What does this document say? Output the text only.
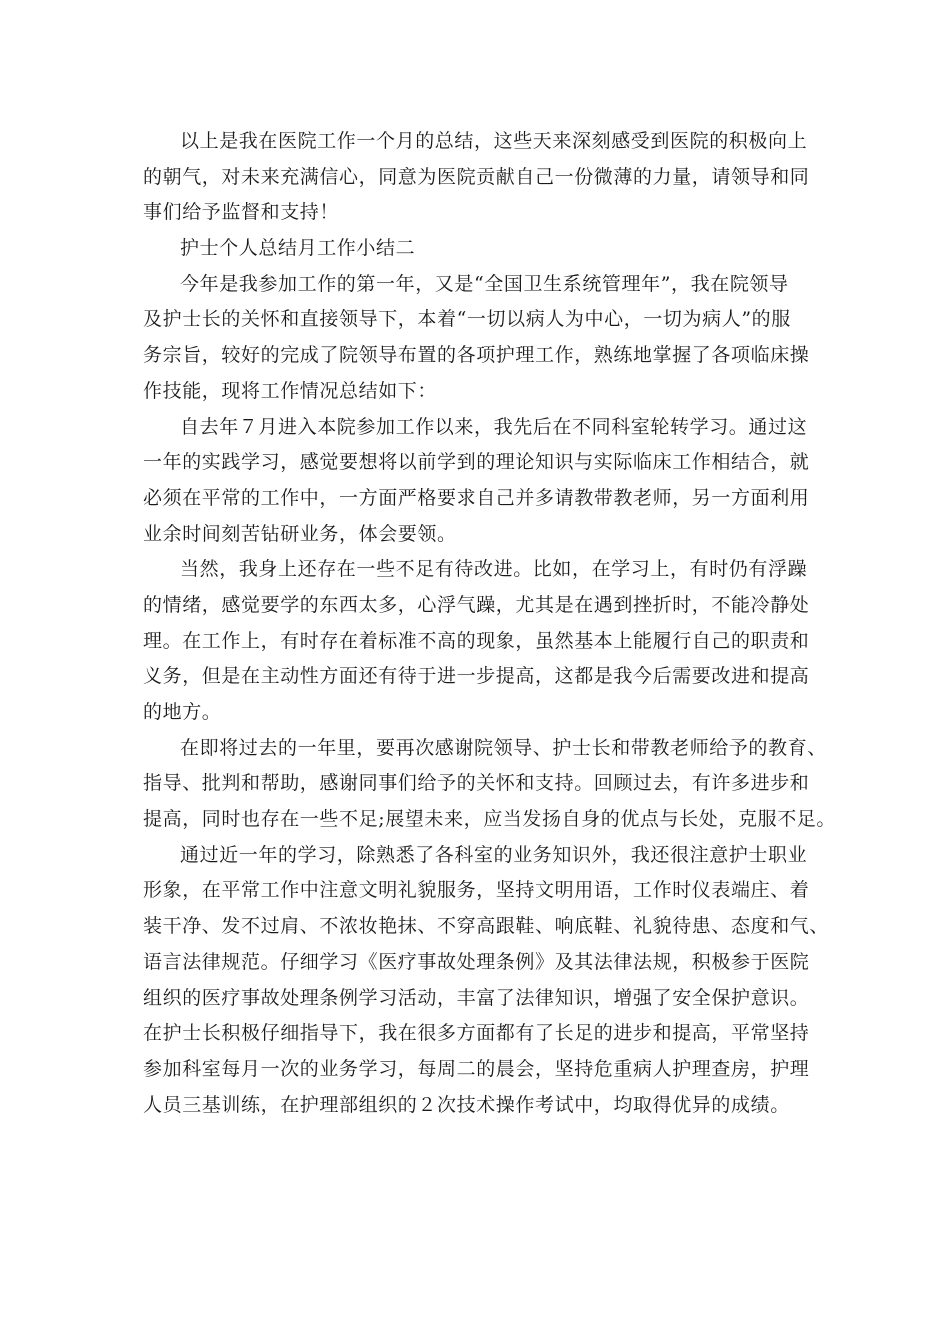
以上是我在医院工作一个月的总结，这些天来深刻感受到医院的积极向上
的朝气，对未来充满信心，同意为医院贡献自己一份微薄的力量，请领导和同
事们给予监督和支持！
护士个人总结月工作小结二
今年是我参加工作的第一年，又是“全国卫生系统管理年”，我在院领导
及护士长的关怀和直接领导下，本着“一切以病人为中心，一切为病人”的服
务宗旨，较好的完成了院领导布置的各项护理工作，熟练地掌握了各项临床操
作技能，现将工作情况总结如下：
自去年７月进入本院参加工作以来，我先后在不同科室轮转学习。通过这
一年的实践学习，感觉要想将以前学到的理论知识与实际临床工作相结合，就
必须在平常的工作中，一方面严格要求自己并多请教带教老师，另一方面利用
业余时间刻苦钻研业务，体会要领。
当然，我身上还存在一些不足有待改进。比如，在学习上，有时仍有浮躁
的情绪，感觉要学的东西太多，心浮气躁，尤其是在遇到挫折时，不能冷静处
理。在工作上，有时存在着标准不高的现象，虽然基本上能履行自己的职责和
义务，但是在主动性方面还有待于进一步提高，这都是我今后需要改进和提高
的地方。
在即将过去的一年里，要再次感谢院领导、护士长和带教老师给予的教育、
指导、批判和帮助，感谢同事们给予的关怀和支持。回顾过去，有许多进步和
提高，同时也存在一些不足;展望未来，应当发扬自身的优点与长处，克服不足。
通过近一年的学习，除熟悉了各科室的业务知识外，我还很注意护士职业
形象，在平常工作中注意文明礼貌服务，坚持文明用语，工作时仪表端庄、着
装干净、发不过肩、不浓妆艳抹、不穿高跟鞋、响底鞋、礼貌待患、态度和气、
语言法律规范。仔细学习《医疗事故处理条例》及其法律法规，积极参于医院
组织的医疗事故处理条例学习活动，丰富了法律知识，增强了安全保护意识。
在护士长积极仔细指导下，我在很多方面都有了长足的进步和提高，平常坚持
参加科室每月一次的业务学习，每周二的晨会，坚持危重病人护理查房，护理
人员三基训练，在护理部组织的２次技术操作考试中，均取得优异的成绩。
